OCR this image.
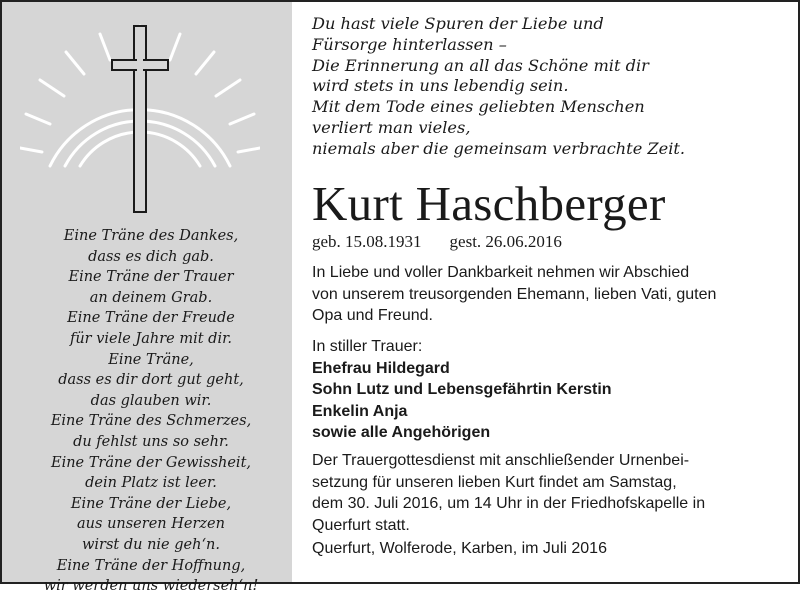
Eine Träne des Dankes,
dass es dich gab.
Eine Träne der Trauer
an deinem Grab.
Eine Träne der Freude
für viele Jahre mit dir.
Eine Träne,
dass es dir dort gut geht,
das glauben wir.
Eine Träne des Schmerzes,
du fehlst uns so sehr.
Eine Träne der Gewissheit,
dein Platz ist leer.
Eine Träne der Liebe,
aus unseren Herzen
wirst du nie geh‘n.
Eine Träne der Hoffnung,
wir werden uns wiederseh‘n!
Du hast viele Spuren der Liebe und
Fürsorge hinterlassen –
Die Erinnerung an all das Schöne mit dir
wird stets in uns lebendig sein.
Mit dem Tode eines geliebten Menschen
verliert man vieles,
niemals aber die gemeinsam verbrachte Zeit.
Kurt Haschberger
geb. 15.08.1931 gest. 26.06.2016
In Liebe und voller Dankbarkeit nehmen wir Abschied
von unserem treusorgenden Ehemann, lieben Vati, guten
Opa und Freund.
In stiller Trauer:
Ehefrau Hildegard
Sohn Lutz und Lebensgefährtin Kerstin
Enkelin Anja
sowie alle Angehörigen
Der Trauergottesdienst mit anschließender Urnenbei-
setzung für unseren lieben Kurt findet am Samstag,
dem 30. Juli 2016, um 14 Uhr in der Friedhofskapelle in
Querfurt statt.
Querfurt, Wolferode, Karben, im Juli 2016
